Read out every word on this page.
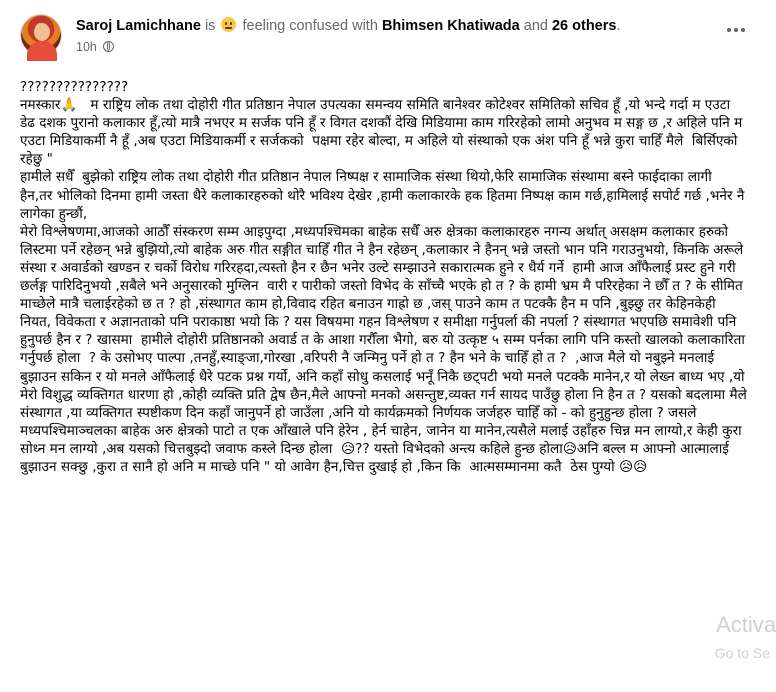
Saroj Lamichhane is feeling confused with Bhimsen Khatiwada and 26 others.
10h
???????????????
नमस्कार🙏   म राष्ट्रिय लोक तथा दोहोरी गीत प्रतिष्ठान नेपाल उपत्यका समन्वय समिति बानेश्वर कोटेश्वर समितिको सचिव हूँ ,यो भन्दे गर्दा म एउटा डेढ दशक पुरानो कलाकार हूँ,त्यो मात्रै नभएर म सर्जक पनि हूँ र विगत दशकौं देखि मिडियामा काम गरिरहेको लामो अनुभव म सङ्ग छ ,र अहिले पनि म एउटा मिडियाकर्मी नै हूँ ,अब एउटा मिडियाकर्मी र सर्जकको  पक्षमा रहेर बोल्दा, म अहिले यो संस्थाको एक अंश पनि हूँ भन्ने कुरा चाहिँ मैले  बिर्सिएको रहेछु "
हामीले सधैँ  बुझेको राष्ट्रिय लोक तथा दोहोरी गीत प्रतिष्ठान नेपाल निष्पक्ष र सामाजिक संस्था थियो,फेरि सामाजिक संस्थामा बस्ने फाईदाका लागी हैन,तर भोलिको दिनमा हामी जस्ता धैरे कलाकारहरुको थोरै भविश्य देखेर ,हामी कलाकारके हक हितमा निष्पक्ष काम गर्छ,हामिलाई सपोर्ट गर्छ ,भनेर नै लागेका हुन्छौं,
मेरो विश्लेषणमा,आजको आठौँ संस्करण सम्म आइपुग्दा ,मध्यपश्चिमका बाहेक सधैँ अरु क्षेत्रका कलाकारहरु नगन्य अर्थात् असक्षम कलाकार हरुको लिस्टमा पर्ने रहेछन् भन्ने बुझियो,त्यो बाहेक अरु गीत सङ्गीत चाहिँ गीत ने हैन रहेछन् ,कलाकार ने हैनन् भन्ने जस्तो भान पनि गराउनुभयो, किनकि अरूले संस्था र अवार्डको खण्डन र चर्को विरोध गरिरहदा,त्यस्तो हैन र छैन भनेर उल्टे सम्झाउने सकारात्मक हुने र धैर्य गर्ने  हामी आज आँफैलाई प्रस्ट हुने गरी छर्लङ्ग पारिदिनुभयो ,सबैले भने अनुसारको मुग्लिन  वारी र पारीको जस्तो विभेद के साँच्चै भएके हो त ? के हामी भ्रम मै परिरहेका ने छौँ त ? के सीमित माच्छेले मात्रै चलाईरहेको छ त ? हो ,संस्थागत काम हो,विवाद रहित बनाउन गाह्रो छ ,जस् पाउने काम त पटक्कै हैन म पनि ,बुझ्छु तर केहिनकेही नियत, विवेकता र अज्ञानताको पनि पराकाष्ठा भयो कि ? यस विषयमा गहन विश्लेषण र समीक्षा गर्नुपर्ला की नपर्ला ? संस्थागत भएपछि समावेशी पनि हुनुपर्छ हैन र ? खासमा  हामीले दोहोरी प्रतिष्ठानको अवार्ड त के आशा गरौँला भैगो, बरु यो उत्कृष्ट ५ सम्म पर्नका लागि पनि कस्तो खालको कलाकारिता गर्नुपर्छ होला  ? के उसोभए पाल्पा ,तनहुँ,स्याङ्जा,गोरखा ,वरिपरी नै जन्मिनु पर्ने हो त ? हैन भने के चाहिँ हो त ?  ,आज मैले यो नबुझ्ने मनलाई बुझाउन सकिन र यो मनले आँफैलाई धैरे पटक प्रश्न गर्यो, अनि कहाँ सोधु कसलाई भनूँ निकै छट्पटी भयो मनले पटक्कै मानेन,र यो लेख्न बाध्य भए ,यो मेरो विशुद्ध व्यक्तिगत धारणा हो ,कोही व्यक्ति प्रति द्वेष छैन,मैले आफ्नो मनको असन्तुष्ट,व्यक्त गर्न सायद पाउँछु होला नि हैन त ? यसको बदलामा मैले संस्थागत ,या व्यक्तिगत स्पष्टीकण दिन कहाँ जानुपर्ने हो जाउँला ,अनि यो कार्यक्रमको निर्णयक जर्जहरु चाहिँ को - को हुनुहुन्छ होला ? जसले मध्यपश्चिमाञ्चलका बाहेक अरु क्षेत्रको पाटो त एक आँखाले पनि हेरेन , हेर्न चाहेन, जानेन या मानेन,त्यसैले मलाई उहाँहरु चिन्न मन लाग्यो,र केही कुरा सोध्न मन लाग्यो ,अब यसको चित्तबुझ्दो जवाफ कस्ले दिन्छ होला  😥?? यस्तो विभेदको अन्त्य कहिले हुन्छ होला😥अनि बल्ल म आफ्नो आत्मालाई बुझाउन सक्छु ,कुरा त सानै हो अनि म माच्छे पनि " यो आवेग हैन,चित्त दुखाई हो ,किन कि  आत्मसम्मानमा कतै  ठेस पुग्यो 😥😥
Activa
Go to Se
